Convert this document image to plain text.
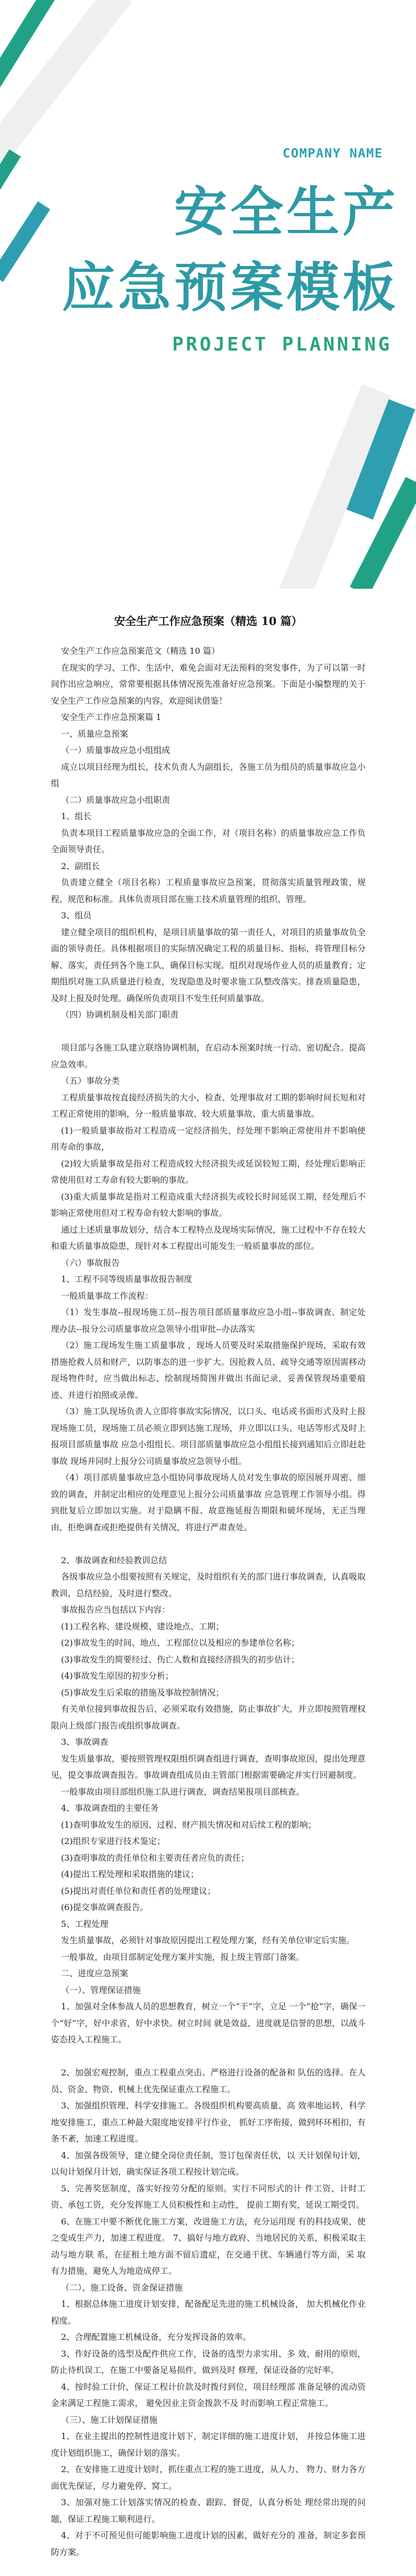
COMPANY NAME
安全生产
应急预案模板
PROJECT PLANNING
安全生产工作应急预案（精选 10 篇）

安全生产工作应急预案范文（精选 10 篇）

在现实的学习、工作、生活中，难免会面对无法预料的突发事件，为了可以第一时间作出应急响应，常常要根据具体情况预先准备好应急预案。下面是小编整理的关于安全生产工作应急预案的内容，欢迎阅读借鉴！

安全生产工作应急预案篇 1

一、质量应急预案

（一）质量事故应急小组组成

成立以项目经理为组长，技术负责人为副组长，各施工员为组员的质量事故应急小组

（二）质量事故应急小组职责

1、组长

负责本项目工程质量事故应急的全面工作，对（项目名称）的质量事故应急工作负全面领导责任。

2、副组长

负责建立健全（项目名称）工程质量事故应急预案，贯彻落实质量管理政策、规程、规范和标准。具体负责项目部在施工技术质量管理的组织、管理。

3、组员

建立健全项目的组织机构，是项目质量事故的第一责任人，对项目的质量事故负全面的领导责任。具体根据项目的实际情况确定工程的质量目标、指标，将管理目标分解、落实，责任到各个施工队，确保目标实现。组织对现场作业人员的质量教育；定期组织对施工队质量进行检查，发现隐患及时要求施工队整改落实。排查质量隐患，及时上报及时处理。确保所负责项目不发生任何质量事故。

（四）协调机制及相关部门职责

项目部与各施工队建立联络协调机制，在启动本预案时统一行动。密切配合。提高应急效率。

（五）事故分类

工程质量事故按直接经济损失的大小，检查、处理事故对工期的影响时间长短和对工程正常使用的影响，分一般质量事故、较大质量事故、重大质量事故。

(1)一般质量事故指对工程造成一定经济损失，经处理不影响正常使用并不影响使用寿命的事故，

(2)较大质量事故是指对工程造成较大经济损失或延误较短工期，经处理后影响正常使用但对工寿命有较大影响的事故。

(3)重大质量事故是指对工程造成重大经济损失或较长时间延误工期，经处理后不影响正常使用但对工程寿命有较大影响的事故。

通过上述质量事故划分，结合本工程特点及现场实际情况，施工过程中不存在较大和重大质量事故隐患，现针对本工程提出可能发生一般质量事故的部位。

（六）事故报告

1、工程不同等级质量事故报告制度

一般质量事故工作流程：

（1）发生事故--报现场施工员--报告项目部质量事故应急小组--事故调查、制定处理办法--报分公司质量事故应急领导小组审批--办法落实

（2）施工现场发生施工质量事故 ，现场人员要及时采取措施保护现场，采取有效措施抢救人员和财产，以防事态的进一步扩大。因抢救人员、疏导交通等原因需移动现场物件时，应当做出标志、绘制现场简图并做出书面记录，妥善保管现场重要痕迹、并进行拍照或录像。

（3）施工队现场负责人立即将事故实际情况，以口头、电话或书面形式及时上报现场施工员，现场施工员必须立即到达施工现场，并立即以口头、电话等形式及时上报项目部质量事故 应急小组组长。项目部质量事故应急小组组长接到通知后立即赶赴事故 现场并同时上报分公司质量事故应急领导小组。

（4）项目部质量事故应急小组协同事故现场人员对发生事故的原因展开周密、细致的调查，并制定出相应的处理意见上报分公司质量事故 应急管理工作领导小组。得到批复后立即加以实施。对于隐瞒不报、故意拖延报告期限和破坏现场，无正当理由，拒绝调查或拒绝提供有关情况，将进行严肃查处。

2、事故调查和经验教训总结

各级事故应急小组要按照有关规定，及时组织有关的部门进行事故调查，认真吸取教训，总结经验，及时进行整改。

事故报告应当包括以下内容：

(1)工程名称、建设规模、建设地点、工期；

(2)事故发生的时间、地点、工程部位以及相应的参建单位名称；

(3)事故发生的简要经过、伤亡人数和直接经济损失的初步估计；

(4)事故发生原因的初步分析；

(5)事故发生后采取的措施及事故控制情况；

有关单位接到事故报告后，必须采取有效措施，防止事故扩大，并立即按照管理权限向上级部门报告或组织事故调查。

3、事故调查

发生质量事故，要按照管理权限组织调查组进行调查，查明事故原因，提出处理意见，提交事故调查报告。事故调查组成员由主管部门根据需要确定并实行回避制度。

一般事故由项目部组织施工队进行调查，调查结果报项目部核查。

4、事故调查组的主要任务

(1)查明事故发生的原因、过程、财产损失情况和对后续工程的影响；

(2)组织专家进行技术鉴定；

(3)查明事故的责任单位和主要责任者应负的责任；

(4)提出工程处理和采取措施的建议；

(5)提出对责任单位和责任者的处理建议；

(6)提交事故调查报告。

5、工程处理

发生质量事故，必须针对事故原因提出工程处理方案，经有关单位审定后实施。

一般事故，由项目部制定处理方案并实施，报上级主管部门备案。

二、进度应急预案

（一）、管理保证措施

1、加强对全体参战人员的思想教育，树立一个“干”字，立足 一个“抢”字，确保一个“好”字，好中求省，好中求快。树立时间 就是效益，进度就是信誉的思想，以战斗姿态投入工程施工。

2、加强宏观控制，重点工程重点突击。严格进行设备的配备和 队伍的选择。在人员、资金、物资、机械上优先保证重点工程施工。

3、加强组织管理、科学安排施工。各级组织机构要高质量、高 效率地运转，科学地安排施工，重点工种最大限度地安排平行作业， 抓好工序衔接，做到环环相扣，有条不紊，加速工程进度。

4、加强各级领导，建立健全岗位责任制，签订包保责任状，以 天计划保旬计划，以旬计划保月计划，确实保证各项工程按计划完成。

5、完善奖惩制度，落实好按劳分配的原则。实行不同形式的计 件工资、计时工资、承包工资，充分发挥施工人员积极性和主动性， 提前工期有奖，延误工期受罚。

6、在施工中要不断优化施工方案，改进施工方法，充分运用现 有的科技成果，使之变成生产力，加速工程进度。 7、搞好与地方政府、当地居民的关系，积极采取主动与地方联 系，在征租土地方面不留后遗症，在交通干扰、车辆通行等方面，采 取有力措施，避免人为地造成停工。

（二）、施工设备、资金保证措施

1、根据总体施工进度计划安排，配备配足先进的施工机械设备， 加大机械化作业程度。

2、合理配置施工机械设备，充分发挥设备的效率。

3、作好设备的选型及配件供应工作，设备的选型力求实用、多 效、耐用的原则，防止待机误工，在施工中要备足易损件，做到及时 修理，保证设备的完好率。

4、按时验工计价，保证工程计价款及时拨付到位，项目经理部 准备足够的流动资金来满足工程施工需求， 避免因业主资金拨款不及 时而影响工程正常施工。

（三）、施工计划保证措施

1、在业主提出的控制性进度计划下，制定详细的施工进度计划， 并按总体施工进度计划组织施工，确保计划的落实。

2、在安排施工进度计划时，抓住重点工程的施工进度，从人力、 物力、财力各方面优先保证，尽力避免停、窝工。

3、加强对施工计划落实情况的检查、跟踪、督促，认真分析处 理经常出现的问题，保证工程施工顺利进行。

4、对于不可预见但可能影响施工进度计划的因素，做好充分的 准备，制定多套预防方案。
